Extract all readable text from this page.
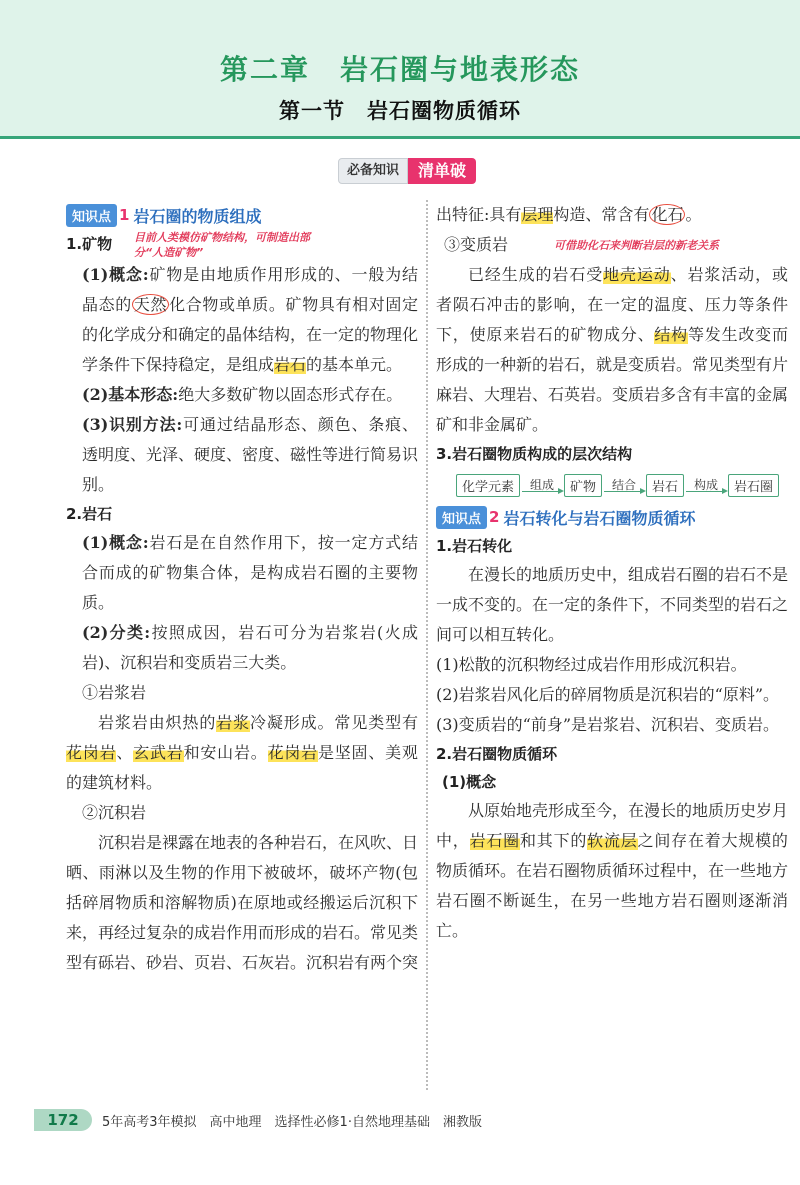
第二章　岩石圈与地表形态
第一节　岩石圈物质循环
必备知识	清单破
知识点 1 岩石圈的物质组成
1.矿物	目前人类模仿矿物结构，可制造出部分“人造矿物”

(1)概念:矿物是由地质作用形成的、一般为结晶态的 天然 化合物或单质。矿物具有相对固定的化学成分和确定的晶体结构，在一定的物理化学条件下保持稳定，是组成岩石的基本单元。

(2)基本形态:绝大多数矿物以固态形式存在。

(3)识别方法:可通过结晶形态、颜色、条痕、透明度、光泽、硬度、密度、磁性等进行简易识别。

2.岩石

(1)概念:岩石是在自然作用下，按一定方式结合而成的矿物集合体，是构成岩石圈的主要物质。

(2)分类:按照成因，岩石可分为岩浆岩(火成岩)、沉积岩和变质岩三大类。

①岩浆岩

岩浆岩由炽热的岩浆冷凝形成。常见类型有花岗岩、玄武岩和安山岩。花岗岩是坚固、美观的建筑材料。

②沉积岩

沉积岩是裸露在地表的各种岩石，在风吹、日晒、雨淋以及生物的作用下被破坏，破坏产物(包括碎屑物质和溶解物质)在原地或经搬运后沉积下来，再经过复杂的成岩作用而形成的岩石。常见类型有砾岩、砂岩、页岩、石灰岩。沉积岩有两个突

出特征:具有层理构造、常含有 化石 。

③变质岩	可借助化石来判断岩层的新老关系

已经生成的岩石受地壳运动、岩浆活动，或者陨石冲击的影响，在一定的温度、压力等条件下，使原来岩石的矿物成分、结构等发生改变而形成的一种新的岩石，就是变质岩。常见类型有片麻岩、大理岩、石英岩。变质岩多含有丰富的金属矿和非金属矿。

3.岩石圈物质构成的层次结构
化学元素	组成	矿物	结合	岩石	构成	岩石圈
知识点 2 岩石转化与岩石圈物质循环
1.岩石转化

在漫长的地质历史中，组成岩石圈的岩石不是一成不变的。在一定的条件下，不同类型的岩石之间可以相互转化。

(1)松散的沉积物经过成岩作用形成沉积岩。

(2)岩浆岩风化后的碎屑物质是沉积岩的“原料”。

(3)变质岩的“前身”是岩浆岩、沉积岩、变质岩。

2.岩石圈物质循环
(1)概念

从原始地壳形成至今，在漫长的地质历史岁月中，岩石圈和其下的软流层之间存在着大规模的物质循环。在岩石圈物质循环过程中，在一些地方岩石圈不断诞生，在另一些地方岩石圈则逐渐消亡。

172	5年高考3年模拟　高中地理　选择性必修1·自然地理基础　湘教版
